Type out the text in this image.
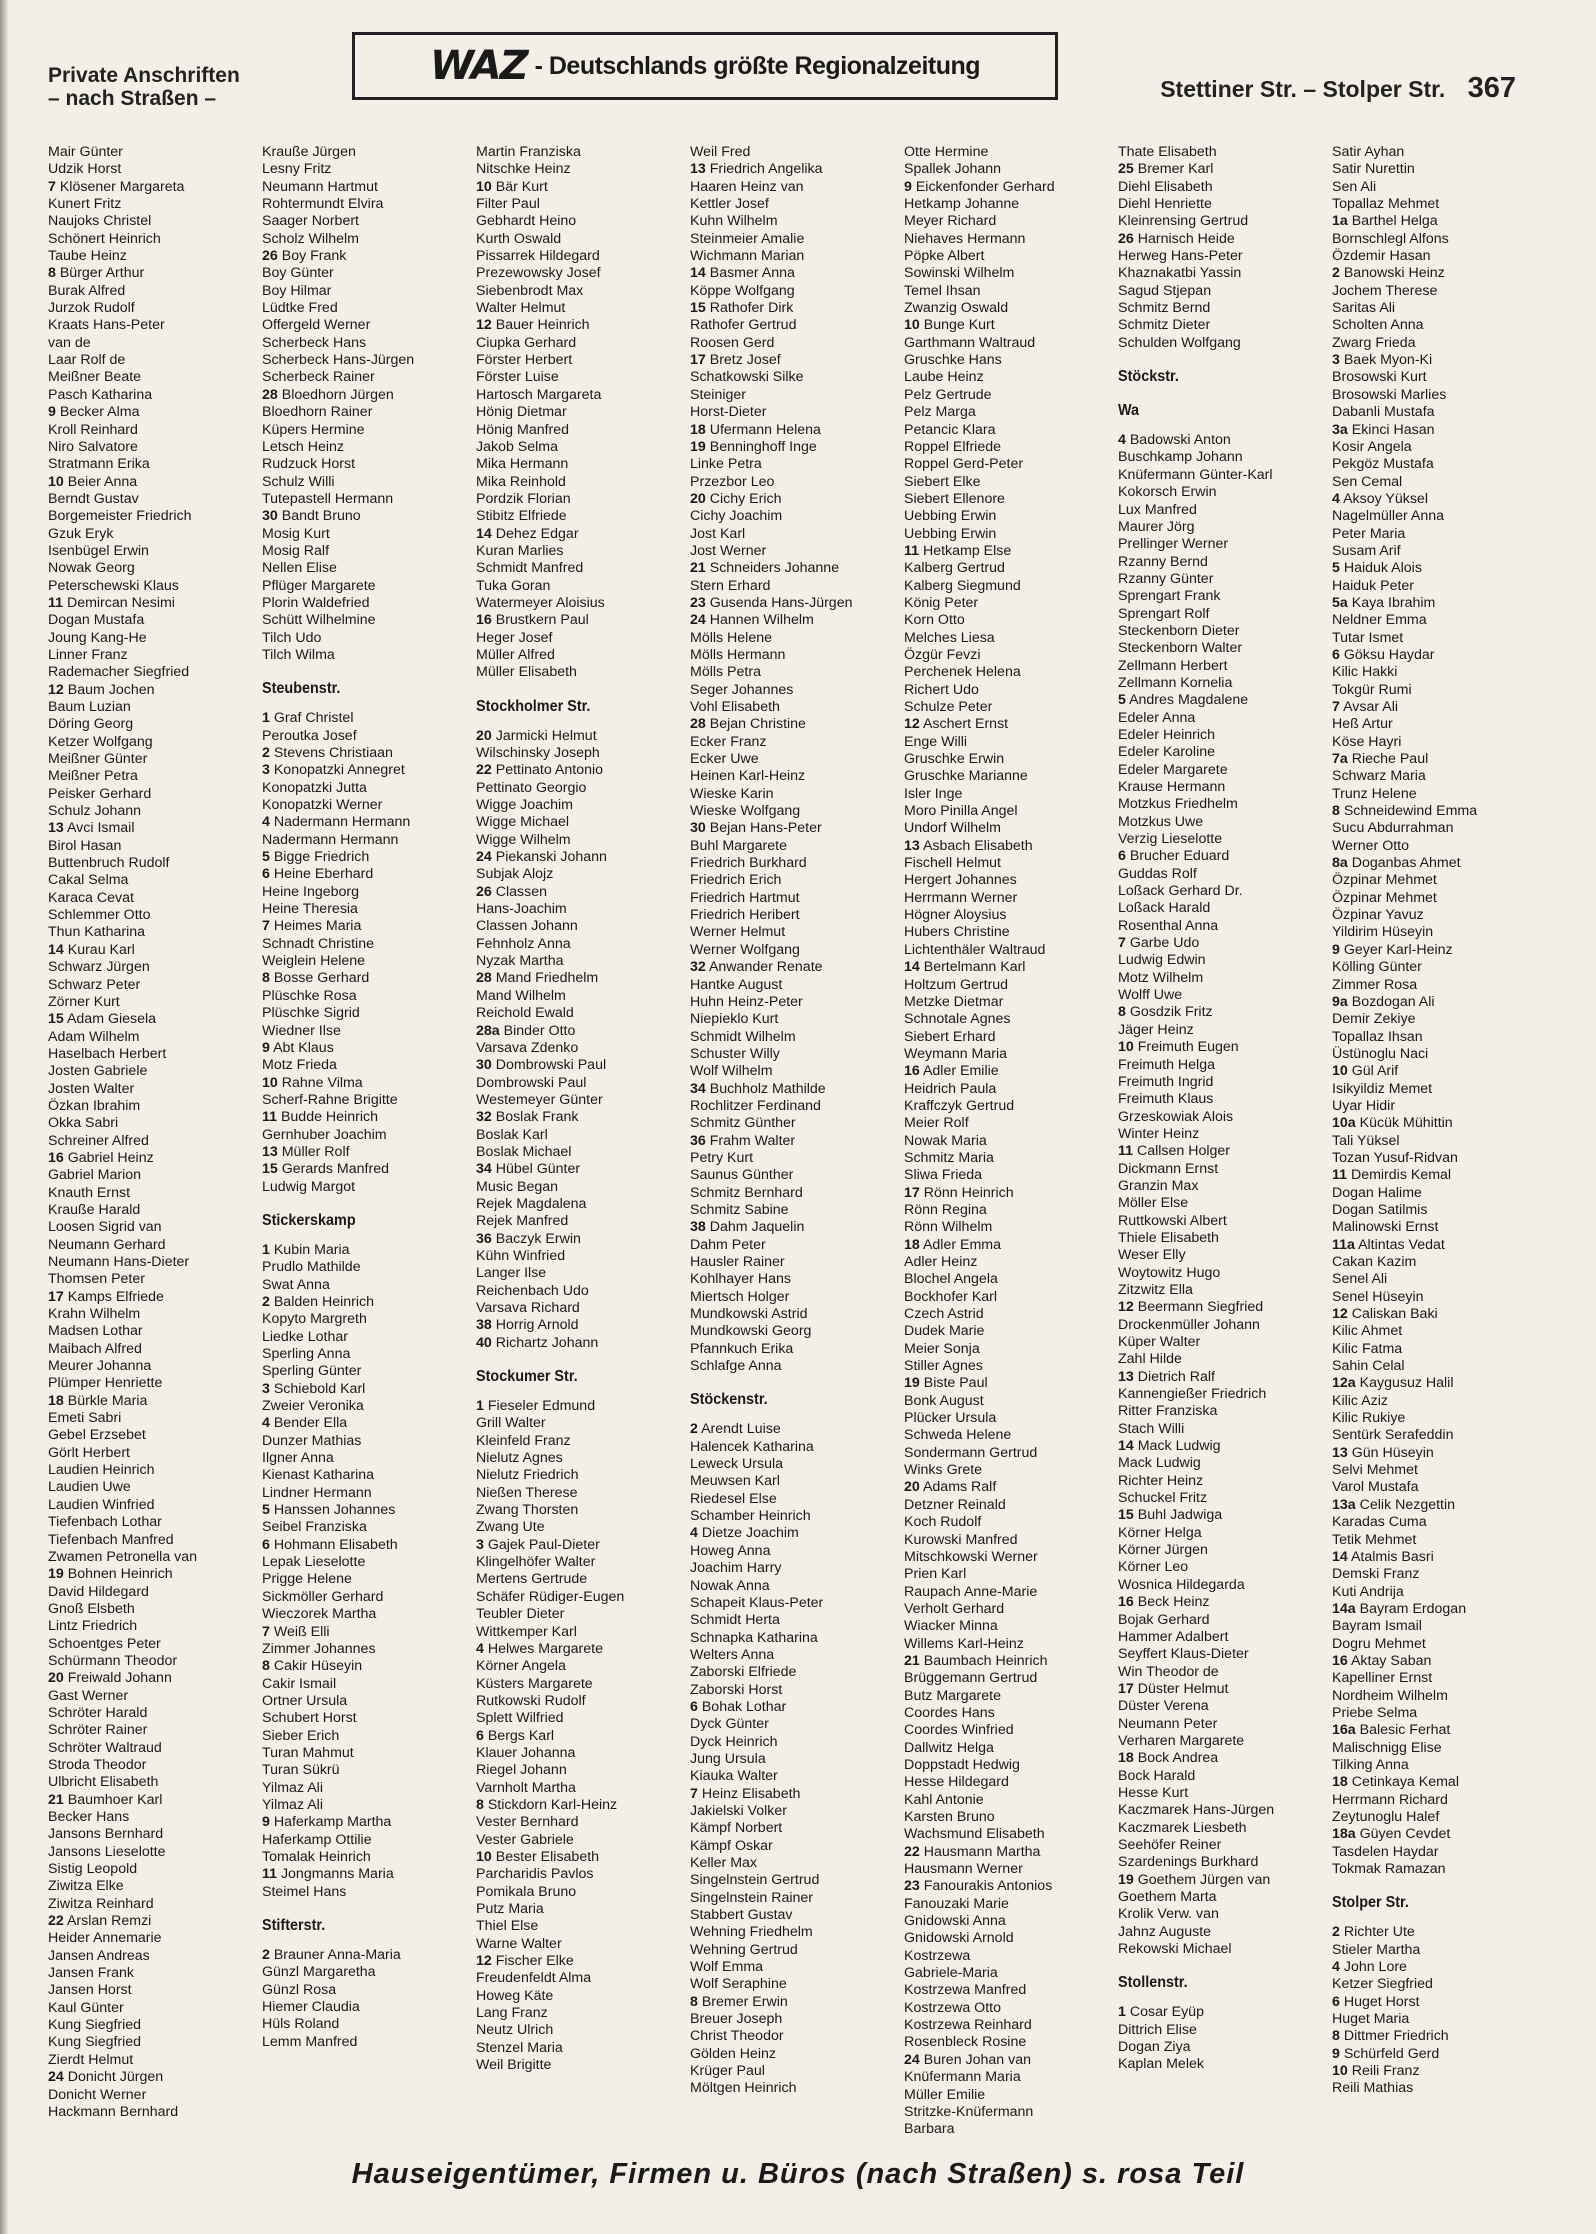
Private Anschriften
– nach Straßen –
WAZ - Deutschlands größte Regionalzeitung
Stettiner Str. – Stolper Str. 367
Mair Günter
Udzik Horst
7 Klösener Margareta
Kunert Fritz
Naujoks Christel
Schönert Heinrich
Taube Heinz
8 Bürger Arthur
Burak Alfred
Jurzok Rudolf
Kraats Hans-Peter
van de
Laar Rolf de
Meißner Beate
Pasch Katharina
9 Becker Alma
Kroll Reinhard
Niro Salvatore
Stratmann Erika
10 Beier Anna
Berndt Gustav
Borgemeister Friedrich
Gzuk Eryk
Isenbügel Erwin
Nowak Georg
Peterschewski Klaus
11 Demircan Nesimi
Dogan Mustafa
Joung Kang-He
Linner Franz
Rademacher Siegfried
12 Baum Jochen
Baum Luzian
Döring Georg
Ketzer Wolfgang
Meißner Günter
Meißner Petra
Peisker Gerhard
Schulz Johann
13 Avci Ismail
Birol Hasan
Buttenbruch Rudolf
Cakal Selma
Karaca Cevat
Schlemmer Otto
Thun Katharina
14 Kurau Karl
Schwarz Jürgen
Schwarz Peter
Zörner Kurt
15 Adam Giesela
Adam Wilhelm
Haselbach Herbert
Josten Gabriele
Josten Walter
Özkan Ibrahim
Okka Sabri
Schreiner Alfred
16 Gabriel Heinz
Gabriel Marion
Knauth Ernst
Krauße Harald
Loosen Sigrid van
Neumann Gerhard
Neumann Hans-Dieter
Thomsen Peter
17 Kamps Elfriede
Krahn Wilhelm
Madsen Lothar
Maibach Alfred
Meurer Johanna
Plümper Henriette
18 Bürkle Maria
Emeti Sabri
Gebel Erzsebet
Görlt Herbert
Laudien Heinrich
Laudien Uwe
Laudien Winfried
Tiefenbach Lothar
Tiefenbach Manfred
Zwamen Petronella van
19 Bohnen Heinrich
David Hildegard
Gnoß Elsbeth
Lintz Friedrich
Schoentges Peter
Schürmann Theodor
20 Freiwald Johann
Gast Werner
Schröter Harald
Schröter Rainer
Schröter Waltraud
Stroda Theodor
Ulbricht Elisabeth
21 Baumhoer Karl
Becker Hans
Jansons Bernhard
Jansons Lieselotte
Sistig Leopold
Ziwitza Elke
Ziwitza Reinhard
22 Arslan Remzi
Heider Annemarie
Jansen Andreas
Jansen Frank
Jansen Horst
Kaul Günter
Kung Siegfried
Kung Siegfried
Zierdt Helmut
24 Donicht Jürgen
Donicht Werner
Hackmann Bernhard
Krauße Jürgen
Lesny Fritz
Neumann Hartmut
Rohtermundt Elvira
Saager Norbert
Scholz Wilhelm
26 Boy Frank
Boy Günter
Boy Hilmar
Lüdtke Fred
Offergeld Werner
Scherbeck Hans
Scherbeck Hans-Jürgen
Scherbeck Rainer
28 Bloedhorn Jürgen
Bloedhorn Rainer
Küpers Hermine
Letsch Heinz
Rudzuck Horst
Schulz Willi
Tutepastell Hermann
30 Bandt Bruno
Mosig Kurt
Mosig Ralf
Nellen Elise
Pflüger Margarete
Plorin Waldefried
Schütt Wilhelmine
Tilch Udo
Tilch Wilma
Steubenstr.
1 Graf Christel
Peroutka Josef
2 Stevens Christiaan
3 Konopatzki Annegret
Konopatzki Jutta
Konopatzki Werner
4 Nadermann Hermann
Nadermann Hermann
5 Bigge Friedrich
6 Heine Eberhard
Heine Ingeborg
Heine Theresia
7 Heimes Maria
Schnadt Christine
Weiglein Helene
8 Bosse Gerhard
Plüschke Rosa
Plüschke Sigrid
Wiedner Ilse
9 Abt Klaus
Motz Frieda
10 Rahne Vilma
Scherf-Rahne Brigitte
11 Budde Heinrich
Gernhuber Joachim
13 Müller Rolf
15 Gerards Manfred
Ludwig Margot
Stickerskamp
1 Kubin Maria
Prudlo Mathilde
Swat Anna
2 Balden Heinrich
Kopyto Margreth
Liedke Lothar
Sperling Anna
Sperling Günter
3 Schiebold Karl
Zweier Veronika
4 Bender Ella
Dunzer Mathias
Ilgner Anna
Kienast Katharina
Lindner Hermann
5 Hanssen Johannes
Seibel Franziska
6 Hohmann Elisabeth
Lepak Lieselotte
Prigge Helene
Sickmöller Gerhard
Wieczorek Martha
7 Weiß Elli
Zimmer Johannes
8 Cakir Hüseyin
Cakir Ismail
Ortner Ursula
Schubert Horst
Sieber Erich
Turan Mahmut
Turan Sükrü
Yilmaz Ali
Yilmaz Ali
9 Haferkamp Martha
Haferkamp Ottilie
Tomalak Heinrich
11 Jongmanns Maria
Steimel Hans
Stifterstr.
2 Brauner Anna-Maria
Günzl Margaretha
Günzl Rosa
Hiemer Claudia
Hüls Roland
Lemm Manfred
Martin Franziska
Nitschke Heinz
10 Bär Kurt
Filter Paul
Gebhardt Heino
Kurth Oswald
Pissarrek Hildegard
Prezewowsky Josef
Siebenbrodt Max
Walter Helmut
12 Bauer Heinrich
Ciupka Gerhard
Förster Herbert
Förster Luise
Hartosch Margareta
Hönig Dietmar
Hönig Manfred
Jakob Selma
Mika Hermann
Mika Reinhold
Pordzik Florian
Stibitz Elfriede
14 Dehez Edgar
Kuran Marlies
Schmidt Manfred
Tuka Goran
Watermeyer Aloisius
16 Brustkern Paul
Heger Josef
Müller Alfred
Müller Elisabeth
Stockholmer Str.
20 Jarmicki Helmut
Wilschinsky Joseph
22 Pettinato Antonio
Pettinato Georgio
Wigge Joachim
Wigge Michael
Wigge Wilhelm
24 Piekanski Johann
Subjak Alojz
26 Classen
Hans-Joachim
Classen Johann
Fehnholz Anna
Nyzak Martha
28 Mand Friedhelm
Mand Wilhelm
Reichold Ewald
28a Binder Otto
Varsava Zdenko
30 Dombrowski Paul
Dombrowski Paul
Westemeyer Günter
32 Boslak Frank
Boslak Karl
Boslak Michael
34 Hübel Günter
Music Began
Rejek Magdalena
Rejek Manfred
36 Baczyk Erwin
Kühn Winfried
Langer Ilse
Reichenbach Udo
Varsava Richard
38 Horrig Arnold
40 Richartz Johann
Stockumer Str.
1 Fieseler Edmund
Grill Walter
Kleinfeld Franz
Nielutz Agnes
Nielutz Friedrich
Nießen Therese
Zwang Thorsten
Zwang Ute
3 Gajek Paul-Dieter
Klingelhöfer Walter
Mertens Gertrude
Schäfer Rüdiger-Eugen
Teubler Dieter
Wittkemper Karl
4 Helwes Margarete
Körner Angela
Küsters Margarete
Rutkowski Rudolf
Splett Wilfried
6 Bergs Karl
Klauer Johanna
Riegel Johann
Varnholt Martha
8 Stickdorn Karl-Heinz
Vester Bernhard
Vester Gabriele
10 Bester Elisabeth
Parcharidis Pavlos
Pomikala Bruno
Putz Maria
Thiel Else
Warne Walter
12 Fischer Elke
Freudenfeldt Alma
Howeg Käte
Lang Franz
Neutz Ulrich
Stenzel Maria
Weil Brigitte
Weil Fred
13 Friedrich Angelika
Haaren Heinz van
Kettler Josef
Kuhn Wilhelm
Steinmeier Amalie
Wichmann Marian
14 Basmer Anna
Köppe Wolfgang
15 Rathofer Dirk
Rathofer Gertrud
Roosen Gerd
17 Bretz Josef
Schatkowski Silke
Steiniger
Horst-Dieter
18 Ufermann Helena
19 Benninghoff Inge
Linke Petra
Przezbor Leo
20 Cichy Erich
Cichy Joachim
Jost Karl
Jost Werner
21 Schneiders Johanne
Stern Erhard
23 Gusenda Hans-Jürgen
24 Hannen Wilhelm
Mölls Helene
Mölls Hermann
Mölls Petra
Seger Johannes
Vohl Elisabeth
28 Bejan Christine
Ecker Franz
Ecker Uwe
Heinen Karl-Heinz
Wieske Karin
Wieske Wolfgang
30 Bejan Hans-Peter
Buhl Margarete
Friedrich Burkhard
Friedrich Erich
Friedrich Hartmut
Friedrich Heribert
Werner Helmut
Werner Wolfgang
32 Anwander Renate
Hantke August
Huhn Heinz-Peter
Niepieklo Kurt
Schmidt Wilhelm
Schuster Willy
Wolf Wilhelm
34 Buchholz Mathilde
Rochlitzer Ferdinand
Schmitz Günther
36 Frahm Walter
Petry Kurt
Saunus Günther
Schmitz Bernhard
Schmitz Sabine
38 Dahm Jaquelin
Dahm Peter
Hausler Rainer
Kohlhayer Hans
Miertsch Holger
Mundkowski Astrid
Mundkowski Georg
Pfannkuch Erika
Schlafge Anna
Stöckenstr.
2 Arendt Luise
Halencek Katharina
Leweck Ursula
Meuwsen Karl
Riedesel Else
Schamber Heinrich
4 Dietze Joachim
Howeg Anna
Joachim Harry
Nowak Anna
Schapeit Klaus-Peter
Schmidt Herta
Schnapka Katharina
Welters Anna
Zaborski Elfriede
Zaborski Horst
6 Bohak Lothar
Dyck Günter
Dyck Heinrich
Jung Ursula
Kiauka Walter
7 Heinz Elisabeth
Jakielski Volker
Kämpf Norbert
Kämpf Oskar
Keller Max
Singelnstein Gertrud
Singelnstein Rainer
Stabbert Gustav
Wehning Friedhelm
Wehning Gertrud
Wolf Emma
Wolf Seraphine
8 Bremer Erwin
Breuer Joseph
Christ Theodor
Gölden Heinz
Krüger Paul
Möltgen Heinrich
Otte Hermine
Spallek Johann
9 Eickenfonder Gerhard
Hetkamp Johanne
Meyer Richard
Niehaves Hermann
Pöpke Albert
Sowinski Wilhelm
Temel Ihsan
Zwanzig Oswald
10 Bunge Kurt
Garthmann Waltraud
Gruschke Hans
Laube Heinz
Pelz Gertrude
Pelz Marga
Petancic Klara
Roppel Elfriede
Roppel Gerd-Peter
Siebert Elke
Siebert Ellenore
Uebbing Erwin
Uebbing Erwin
11 Hetkamp Else
Kalberg Gertrud
Kalberg Siegmund
König Peter
Korn Otto
Melches Liesa
Özgür Fevzi
Perchenek Helena
Richert Udo
Schulze Peter
12 Aschert Ernst
Enge Willi
Gruschke Erwin
Gruschke Marianne
Isler Inge
Moro Pinilla Angel
Undorf Wilhelm
13 Asbach Elisabeth
Fischell Helmut
Hergert Johannes
Herrmann Werner
Högner Aloysius
Hubers Christine
Lichtenthäler Waltraud
14 Bertelmann Karl
Holtzum Gertrud
Metzke Dietmar
Schnotale Agnes
Siebert Erhard
Weymann Maria
16 Adler Emilie
Heidrich Paula
Kraffczyk Gertrud
Meier Rolf
Nowak Maria
Schmitz Maria
Sliwa Frieda
17 Rönn Heinrich
Rönn Regina
Rönn Wilhelm
18 Adler Emma
Adler Heinz
Blochel Angela
Bockhofer Karl
Czech Astrid
Dudek Marie
Meier Sonja
Stiller Agnes
19 Biste Paul
Bonk August
Plücker Ursula
Schweda Helene
Sondermann Gertrud
Winks Grete
20 Adams Ralf
Detzner Reinald
Koch Rudolf
Kurowski Manfred
Mitschkowski Werner
Prien Karl
Raupach Anne-Marie
Verholt Gerhard
Wiacker Minna
Willems Karl-Heinz
21 Baumbach Heinrich
Brüggemann Gertrud
Butz Margarete
Coordes Hans
Coordes Winfried
Dallwitz Helga
Doppstadt Hedwig
Hesse Hildegard
Kahl Antonie
Karsten Bruno
Wachsmund Elisabeth
22 Hausmann Martha
Hausmann Werner
23 Fanourakis Antonios
Fanouzaki Marie
Gnidowski Anna
Gnidowski Arnold
Kostrzewa
Gabriele-Maria
Kostrzewa Manfred
Kostrzewa Otto
Kostrzewa Reinhard
Rosenbleck Rosine
24 Buren Johan van
Knüfermann Maria
Müller Emilie
Stritzke-Knüfermann
Barbara
Thate Elisabeth
25 Bremer Karl
Diehl Elisabeth
Diehl Henriette
Kleinrensing Gertrud
26 Harnisch Heide
Herweg Hans-Peter
Khaznakatbi Yassin
Sagud Stjepan
Schmitz Bernd
Schmitz Dieter
Schulden Wolfgang
Stöckstr.
Wa
4 Badowski Anton
Buschkamp Johann
Knüfermann Günter-Karl
Kokorsch Erwin
Lux Manfred
Maurer Jörg
Prellinger Werner
Rzanny Bernd
Rzanny Günter
Sprengart Frank
Sprengart Rolf
Steckenborn Dieter
Steckenborn Walter
Zellmann Herbert
Zellmann Kornelia
5 Andres Magdalene
Edeler Anna
Edeler Heinrich
Edeler Karoline
Edeler Margarete
Krause Hermann
Motzkus Friedhelm
Motzkus Uwe
Verzig Lieselotte
6 Brucher Eduard
Guddas Rolf
Loßack Gerhard Dr.
Loßack Harald
Rosenthal Anna
7 Garbe Udo
Ludwig Edwin
Motz Wilhelm
Wolff Uwe
8 Gosdzik Fritz
Jäger Heinz
10 Freimuth Eugen
Freimuth Helga
Freimuth Ingrid
Freimuth Klaus
Grzeskowiak Alois
Winter Heinz
11 Callsen Holger
Dickmann Ernst
Granzin Max
Möller Else
Ruttkowski Albert
Thiele Elisabeth
Weser Elly
Woytowitz Hugo
Zitzwitz Ella
12 Beermann Siegfried
Drockenmüller Johann
Küper Walter
Zahl Hilde
13 Dietrich Ralf
Kannengießer Friedrich
Ritter Franziska
Stach Willi
14 Mack Ludwig
Mack Ludwig
Richter Heinz
Schuckel Fritz
15 Buhl Jadwiga
Körner Helga
Körner Jürgen
Körner Leo
Wosnica Hildegarda
16 Beck Heinz
Bojak Gerhard
Hammer Adalbert
Seyffert Klaus-Dieter
Win Theodor de
17 Düster Helmut
Düster Verena
Neumann Peter
Verharen Margarete
18 Bock Andrea
Bock Harald
Hesse Kurt
Kaczmarek Hans-Jürgen
Kaczmarek Liesbeth
Seehöfer Reiner
Szardenings Burkhard
19 Goethem Jürgen van
Goethem Marta
Krolik Verw. van
Jahnz Auguste
Rekowski Michael
Stollenstr.
1 Cosar Eyüp
Dittrich Elise
Dogan Ziya
Kaplan Melek
Satir Ayhan
Satir Nurettin
Sen Ali
Topallaz Mehmet
1a Barthel Helga
Bornschlegl Alfons
Özdemir Hasan
2 Banowski Heinz
Jochem Therese
Saritas Ali
Scholten Anna
Zwarg Frieda
3 Baek Myon-Ki
Brosowski Kurt
Brosowski Marlies
Dabanli Mustafa
3a Ekinci Hasan
Kosir Angela
Pekgöz Mustafa
Sen Cemal
4 Aksoy Yüksel
Nagelmüller Anna
Peter Maria
Susam Arif
5 Haiduk Alois
Haiduk Peter
5a Kaya Ibrahim
Neldner Emma
Tutar Ismet
6 Göksu Haydar
Kilic Hakki
Tokgür Rumi
7 Avsar Ali
Heß Artur
Köse Hayri
7a Rieche Paul
Schwarz Maria
Trunz Helene
8 Schneidewind Emma
Sucu Abdurrahman
Werner Otto
8a Doganbas Ahmet
Özpinar Mehmet
Özpinar Mehmet
Özpinar Yavuz
Yildirim Hüseyin
9 Geyer Karl-Heinz
Kölling Günter
Zimmer Rosa
9a Bozdogan Ali
Demir Zekiye
Topallaz Ihsan
Üstünoglu Naci
10 Gül Arif
Isikyildiz Memet
Uyar Hidir
10a Kücük Mühittin
Tali Yüksel
Tozan Yusuf-Ridvan
11 Demirdis Kemal
Dogan Halime
Dogan Satilmis
Malinowski Ernst
11a Altintas Vedat
Cakan Kazim
Senel Ali
Senel Hüseyin
12 Caliskan Baki
Kilic Ahmet
Kilic Fatma
Sahin Celal
12a Kaygusuz Halil
Kilic Aziz
Kilic Rukiye
Sentürk Serafeddin
13 Gün Hüseyin
Selvi Mehmet
Varol Mustafa
13a Celik Nezgettin
Karadas Cuma
Tetik Mehmet
14 Atalmis Basri
Demski Franz
Kuti Andrija
14a Bayram Erdogan
Bayram Ismail
Dogru Mehmet
16 Aktay Saban
Kapelliner Ernst
Nordheim Wilhelm
Priebe Selma
16a Balesic Ferhat
Malischnigg Elise
Tilking Anna
18 Cetinkaya Kemal
Herrmann Richard
Zeytunoglu Halef
18a Güyen Cevdet
Tasdelen Haydar
Tokmak Ramazan
Stolper Str.
2 Richter Ute
Stieler Martha
4 John Lore
Ketzer Siegfried
6 Huget Horst
Huget Maria
8 Dittmer Friedrich
9 Schürfeld Gerd
10 Reili Franz
Reili Mathias
Hauseigentümer, Firmen u. Büros (nach Straßen) s. rosa Teil
